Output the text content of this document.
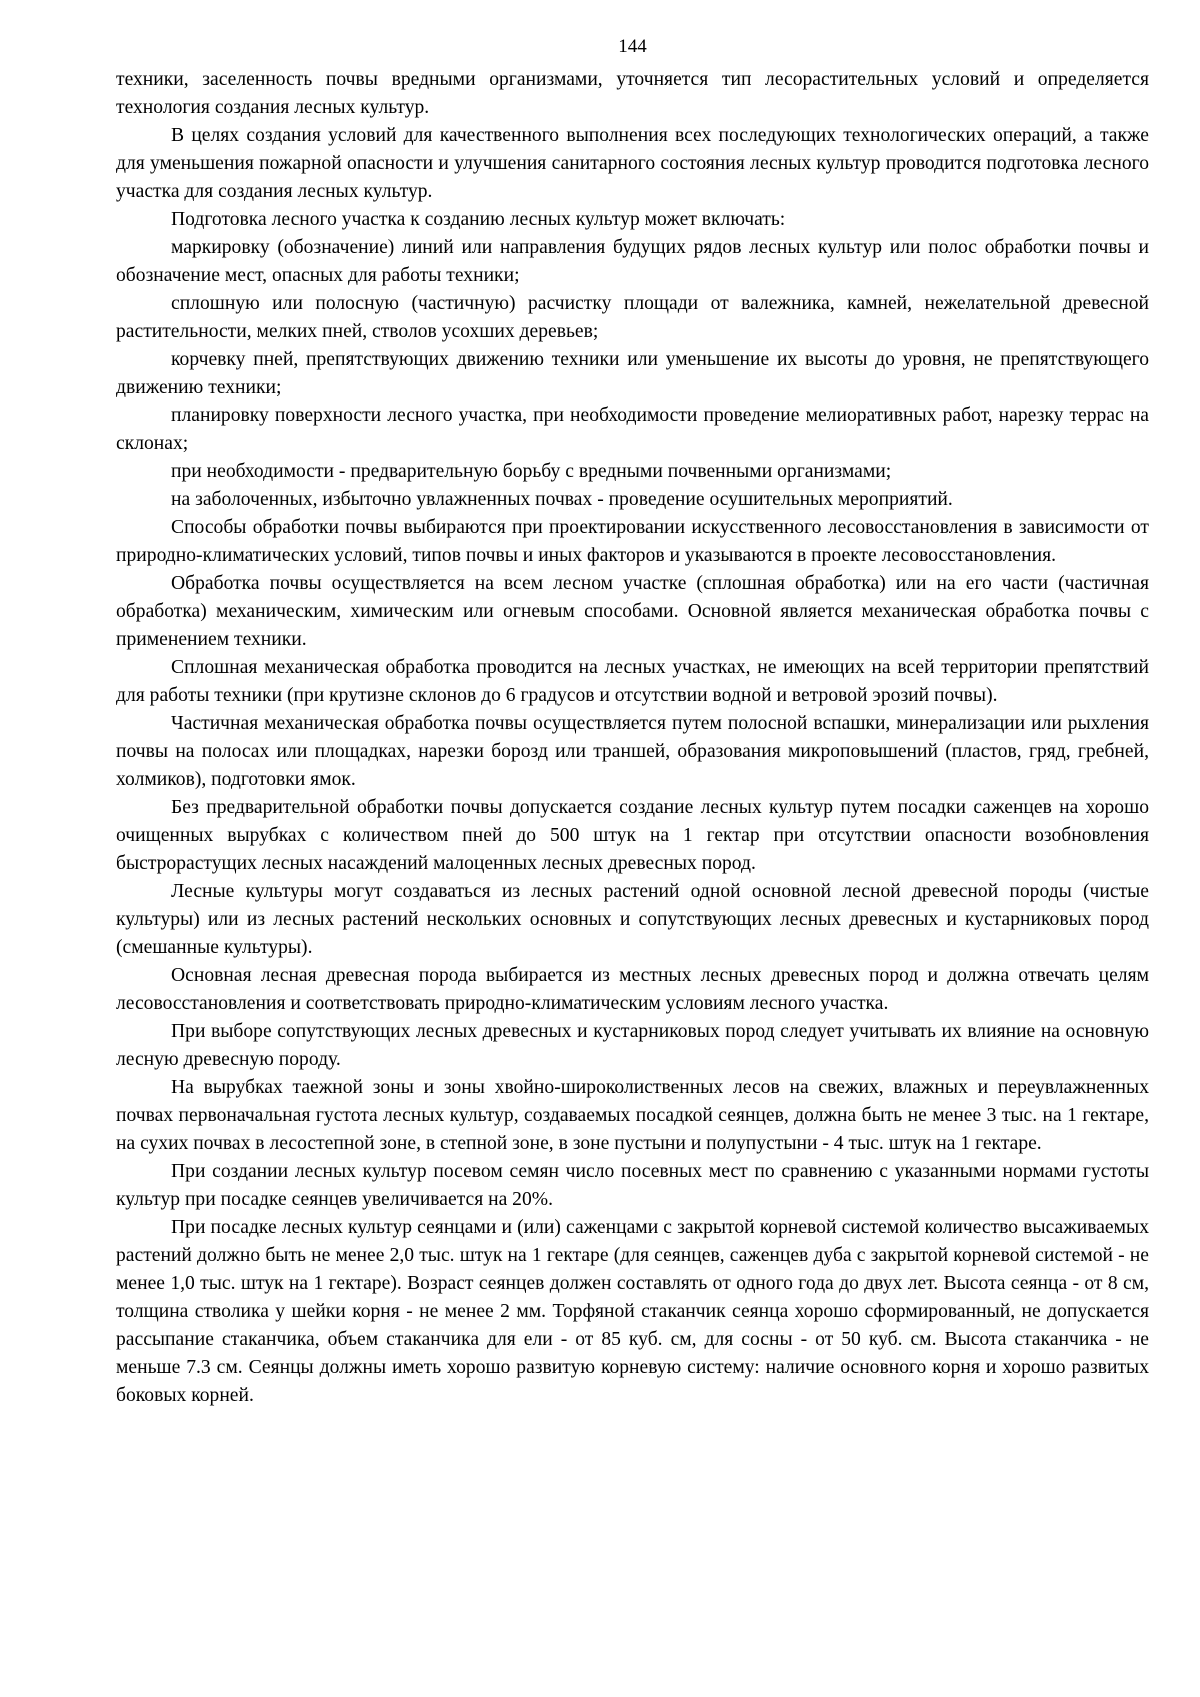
144

техники, заселенность почвы вредными организмами, уточняется тип лесорастительных условий и определяется технология создания лесных культур.

В целях создания условий для качественного выполнения всех последующих технологических операций, а также для уменьшения пожарной опасности и улучшения санитарного состояния лесных культур проводится подготовка лесного участка для создания лесных культур.

Подготовка лесного участка к созданию лесных культур может включать:

маркировку (обозначение) линий или направления будущих рядов лесных культур или полос обработки почвы и обозначение мест, опасных для работы техники;

сплошную или полосную (частичную) расчистку площади от валежника, камней, нежелательной древесной растительности, мелких пней, стволов усохших деревьев;

корчевку пней, препятствующих движению техники или уменьшение их высоты до уровня, не препятствующего движению техники;

планировку поверхности лесного участка, при необходимости проведение мелиоративных работ, нарезку террас на склонах;

при необходимости - предварительную борьбу с вредными почвенными организмами;

на заболоченных, избыточно увлажненных почвах - проведение осушительных мероприятий.

Способы обработки почвы выбираются при проектировании искусственного лесовосстановления в зависимости от природно-климатических условий, типов почвы и иных факторов и указываются в проекте лесовосстановления.

Обработка почвы осуществляется на всем лесном участке (сплошная обработка) или на его части (частичная обработка) механическим, химическим или огневым способами. Основной является механическая обработка почвы с применением техники.

Сплошная механическая обработка проводится на лесных участках, не имеющих на всей территории препятствий для работы техники (при крутизне склонов до 6 градусов и отсутствии водной и ветровой эрозий почвы).

Частичная механическая обработка почвы осуществляется путем полосной вспашки, минерализации или рыхления почвы на полосах или площадках, нарезки борозд или траншей, образования микроповышений (пластов, гряд, гребней, холмиков), подготовки ямок.

Без предварительной обработки почвы допускается создание лесных культур путем посадки саженцев на хорошо очищенных вырубках с количеством пней до 500 штук на 1 гектар при отсутствии опасности возобновления быстрорастущих лесных насаждений малоценных лесных древесных пород.

Лесные культуры могут создаваться из лесных растений одной основной лесной древесной породы (чистые культуры) или из лесных растений нескольких основных и сопутствующих лесных древесных и кустарниковых пород (смешанные культуры).

Основная лесная древесная порода выбирается из местных лесных древесных пород и должна отвечать целям лесовосстановления и соответствовать природно-климатическим условиям лесного участка.

При выборе сопутствующих лесных древесных и кустарниковых пород следует учитывать их влияние на основную лесную древесную породу.

На вырубках таежной зоны и зоны хвойно-широколиственных лесов на свежих, влажных и переувлажненных почвах первоначальная густота лесных культур, создаваемых посадкой сеянцев, должна быть не менее 3 тыс. на 1 гектаре, на сухих почвах в лесостепной зоне, в степной зоне, в зоне пустыни и полупустыни - 4 тыс. штук на 1 гектаре.

При создании лесных культур посевом семян число посевных мест по сравнению с указанными нормами густоты культур при посадке сеянцев увеличивается на 20%.

При посадке лесных культур сеянцами и (или) саженцами с закрытой корневой системой количество высаживаемых растений должно быть не менее 2,0 тыс. штук на 1 гектаре (для сеянцев, саженцев дуба с закрытой корневой системой - не менее 1,0 тыс. штук на 1 гектаре). Возраст сеянцев должен составлять от одного года до двух лет. Высота сеянца - от 8 см, толщина стволика у шейки корня - не менее 2 мм. Торфяной стаканчик сеянца хорошо сформированный, не допускается рассыпание стаканчика, объем стаканчика для ели - от 85 куб. см, для сосны - от 50 куб. см. Высота стаканчика - не меньше 7.3 см. Сеянцы должны иметь хорошо развитую корневую систему: наличие основного корня и хорошо развитых боковых корней.
